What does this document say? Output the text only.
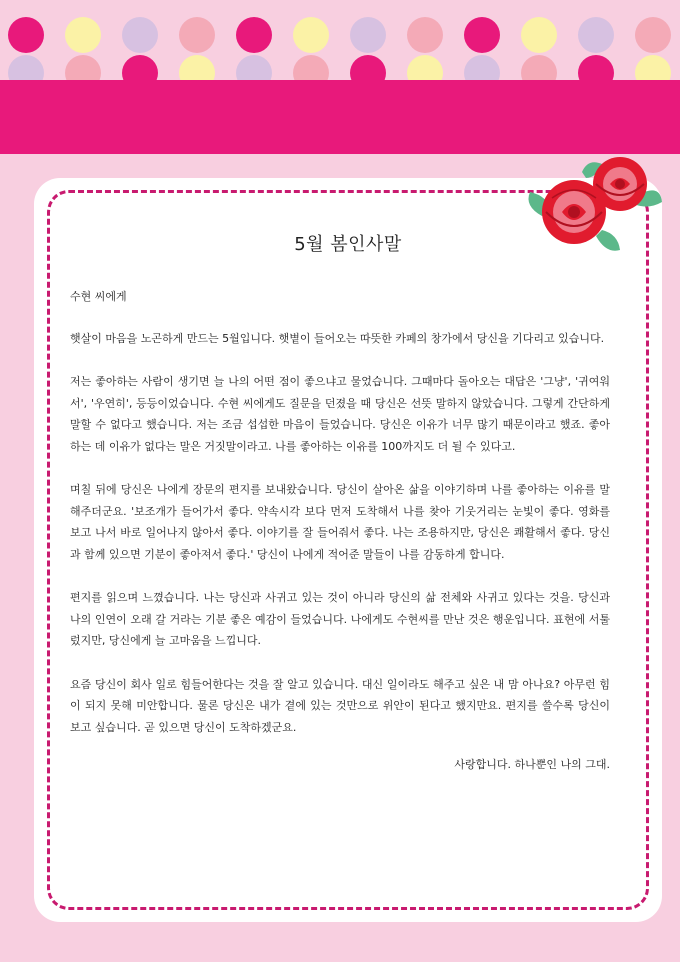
5월 봄인사말

수현 씨에게

햇살이 마음을 노곤하게 만드는 5월입니다. 햇볕이 들어오는 따뜻한 카페의 창가에서 당신을 기다리고 있습니다.

저는 좋아하는 사람이 생기면 늘 나의 어떤 점이 좋으냐고 물었습니다. 그때마다 돌아오는 대답은 '그냥', '귀여워서', '우연히', 등등이었습니다. 수현 씨에게도 질문을 던졌을 때 당신은 선뜻 말하지 않았습니다. 그렇게 간단하게 말할 수 없다고 했습니다. 저는 조금 섭섭한 마음이 들었습니다. 당신은 이유가 너무 많기 때문이라고 했죠. 좋아하는 데 이유가 없다는 말은 거짓말이라고. 나를 좋아하는 이유를 100까지도 더 될 수 있다고.

며칠 뒤에 당신은 나에게 장문의 편지를 보내왔습니다. 당신이 살아온 삶을 이야기하며 나를 좋아하는 이유를 말해주더군요. '보조개가 들어가서 좋다. 약속시각 보다 먼저 도착해서 나를 찾아 기웃거리는 눈빛이 좋다. 영화를 보고 나서 바로 일어나지 않아서 좋다. 이야기를 잘 들어줘서 좋다. 나는 조용하지만, 당신은 쾌활해서 좋다. 당신과 함께 있으면 기분이 좋아져서 좋다.' 당신이 나에게 적어준 말들이 나를 감동하게 합니다.

편지를 읽으며 느꼈습니다. 나는 당신과 사귀고 있는 것이 아니라 당신의 삶 전체와 사귀고 있다는 것을. 당신과 나의 인연이 오래 갈 거라는 기분 좋은 예감이 들었습니다. 나에게도 수현씨를 만난 것은 행운입니다. 표현에 서툴렀지만, 당신에게 늘 고마움을 느낍니다.

요즘 당신이 회사 일로 힘들어한다는 것을 잘 알고 있습니다. 대신 일이라도 해주고 싶은 내 맘 아나요? 아무런 힘이 되지 못해 미안합니다. 물론 당신은 내가 곁에 있는 것만으로 위안이 된다고 했지만요. 편지를 쓸수록 당신이 보고 싶습니다. 곧 있으면 당신이 도착하겠군요.

사랑합니다. 하나뿐인 나의 그대.
